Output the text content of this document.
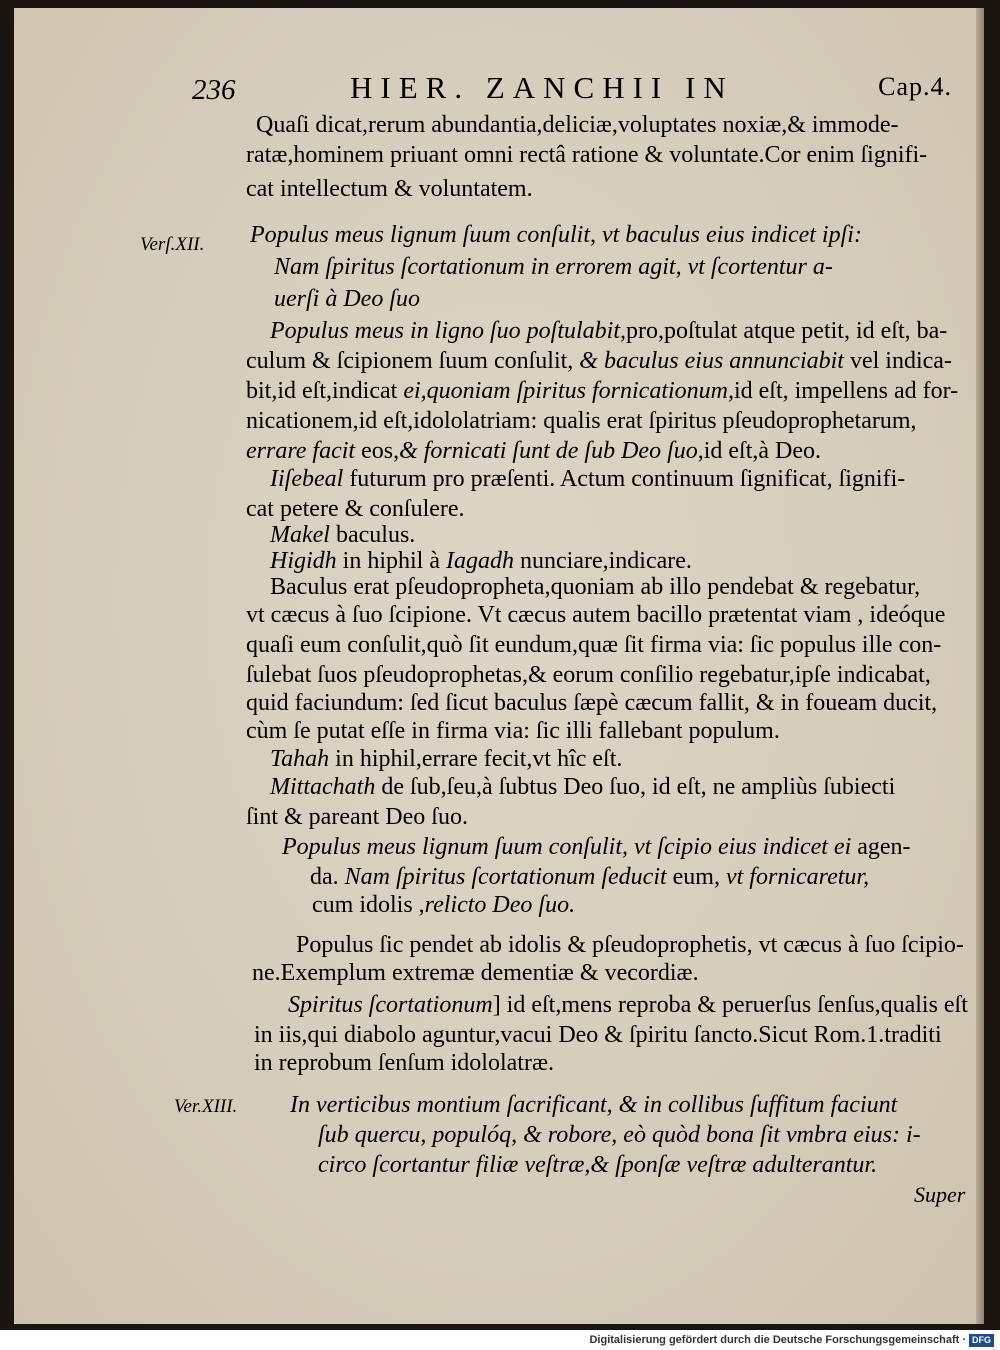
236	HIER. ZANCHII IN	Cap.4.
Verſ.XII.
Ver.XIII.
Quaſi dicat,rerum abundantia,deliciæ,voluptates noxiæ,& immode-
ratæ,hominem priuant omni rectâ ratione & voluntate.Cor enim ſignifi-
cat intellectum & voluntatem.
Populus meus lignum ſuum conſulit, vt baculus eius indicet ipſi:
Nam ſpiritus ſcortationum in errorem agit, vt ſcortentur a-
uerſi à Deo ſuo
Populus meus in ligno ſuo poſtulabit,pro,poſtulat atque petit, id eſt, ba-
culum & ſcipionem ſuum conſulit, & baculus eius annunciabit vel indica-
bit,id eſt,indicat ei,quoniam ſpiritus fornicationum,id eſt, impellens ad for-
nicationem,id eſt,idololatriam: qualis erat ſpiritus pſeudoprophetarum,
errare facit eos,& fornicati ſunt de ſub Deo ſuo,id eſt,à Deo.
Iiſebeal futurum pro præſenti. Actum continuum ſignificat, ſignifi-
cat petere & conſulere.
Makel baculus.
Higidh in hiphil à Iagadh nunciare,indicare.
Baculus erat pſeudopropheta,quoniam ab illo pendebat & regebatur,
vt cæcus à ſuo ſcipione. Vt cæcus autem bacillo prætentat viam , ideóque
quaſi eum conſulit,quò ſit eundum,quæ ſit firma via: ſic populus ille con-
ſulebat ſuos pſeudoprophetas,& eorum conſilio regebatur,ipſe indicabat,
quid faciundum: ſed ſicut baculus ſæpè cæcum fallit, & in foueam ducit,
cùm ſe putat eſſe in firma via: ſic illi fallebant populum.
Tahah in hiphil,errare fecit,vt hîc eſt.
Mittachath de ſub,ſeu,à ſubtus Deo ſuo, id eſt, ne ampliùs ſubiecti
ſint & pareant Deo ſuo.
Populus meus lignum ſuum conſulit, vt ſcipio eius indicet ei agen-
da. Nam ſpiritus ſcortationum ſeducit eum, vt fornicaretur,
cum idolis ,relicto Deo ſuo.
Populus ſic pendet ab idolis & pſeudoprophetis, vt cæcus à ſuo ſcipio-
ne.Exemplum extremæ dementiæ & vecordiæ.
Spiritus ſcortationum] id eſt,mens reproba & peruerſus ſenſus,qualis eſt
in iis,qui diabolo aguntur,vacui Deo & ſpiritu ſancto.Sicut Rom.1.traditi
in reprobum ſenſum idololatræ.
In verticibus montium ſacrificant, & in collibus ſuffitum faciunt
ſub quercu, populóq, & robore, eò quòd bona ſit vmbra eius: i-
circo ſcortantur filiæ veſtræ,& ſponſæ veſtræ adulterantur.
Super
Digitalisierung gefördert durch die Deutsche Forschungsgemeinschaft · DFG
